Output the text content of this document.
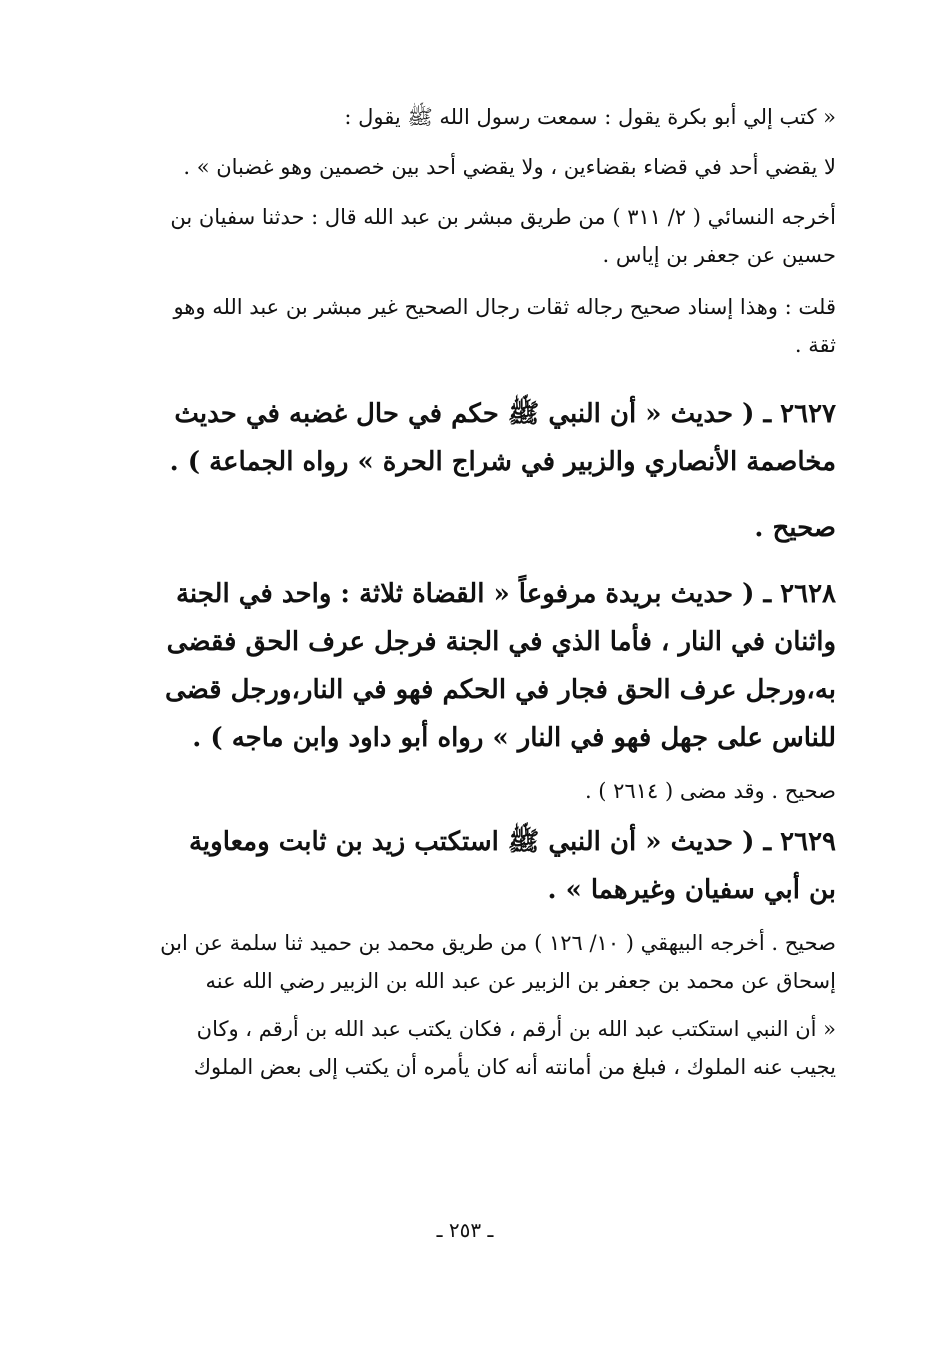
« كتب إلي أبو بكرة يقول : سمعت رسول الله ﷺ يقول :

لا يقضي أحد في قضاء بقضاءين ، ولا يقضي أحد بين خصمين وهو غضبان » .

أخرجه النسائي ( ٢/ ٣١١ ) من طريق مبشر بن عبد الله قال : حدثنا سفيان بن حسين عن جعفر بن إياس .

قلت : وهذا إسناد صحيح رجاله ثقات رجال الصحيح غير مبشر بن عبد الله وهو ثقة .

٢٦٢٧ ـ ( حديث « أن النبي ﷺ حكم في حال غضبه في حديث مخاصمة الأنصاري والزبير في شراج الحرة » رواه الجماعة ) .

صحيح .

٢٦٢٨ ـ ( حديث بريدة مرفوعاً « القضاة ثلاثة : واحد في الجنة واثنان في النار ، فأما الذي في الجنة فرجل عرف الحق فقضى به،ورجل عرف الحق فجار في الحكم فهو في النار،ورجل قضى للناس على جهل فهو في النار » رواه أبو داود وابن ماجه ) .

صحيح . وقد مضى ( ٢٦١٤ ) .

٢٦٢٩ ـ ( حديث « أن النبي ﷺ استكتب زيد بن ثابت ومعاوية بن أبي سفيان وغيرهما » .

صحيح . أخرجه البيهقي ( ١٠/ ١٢٦ ) من طريق محمد بن حميد ثنا سلمة عن ابن إسحاق عن محمد بن جعفر بن الزبير عن عبد الله بن الزبير رضي الله عنه

« أن النبي استكتب عبد الله بن أرقم ، فكان يكتب عبد الله بن أرقم ، وكان يجيب عنه الملوك ، فبلغ من أمانته أنه كان يأمره أن يكتب إلى بعض الملوك

ـ ٢٥٣ ـ
